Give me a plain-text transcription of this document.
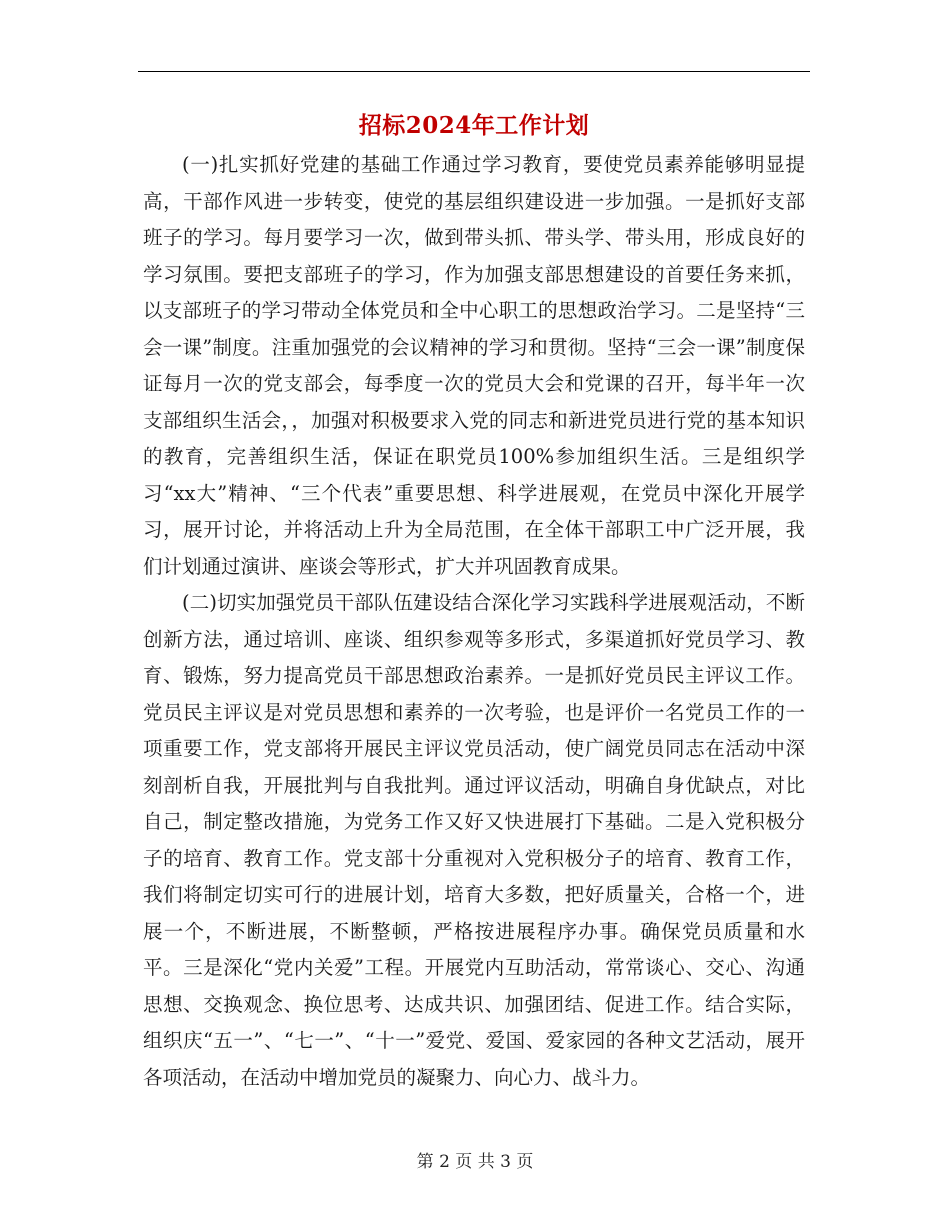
招标2024年工作计划

(一)扎实抓好党建的基础工作通过学习教育，要使党员素养能够明显提高，干部作风进一步转变，使党的基层组织建设进一步加强。一是抓好支部班子的学习。每月要学习一次，做到带头抓、带头学、带头用，形成良好的学习氛围。要把支部班子的学习，作为加强支部思想建设的首要任务来抓，以支部班子的学习带动全体党员和全中心职工的思想政治学习。二是坚持“三会一课”制度。注重加强党的会议精神的学习和贯彻。坚持“三会一课”制度保证每月一次的党支部会，每季度一次的党员大会和党课的召开，每半年一次支部组织生活会，，加强对积极要求入党的同志和新进党员进行党的基本知识的教育，完善组织生活，保证在职党员100%参加组织生活。三是组织学习“xx大”精神、“三个代表”重要思想、科学进展观，在党员中深化开展学习，展开讨论，并将活动上升为全局范围，在全体干部职工中广泛开展，我们计划通过演讲、座谈会等形式，扩大并巩固教育成果。

(二)切实加强党员干部队伍建设结合深化学习实践科学进展观活动，不断创新方法，通过培训、座谈、组织参观等多形式，多渠道抓好党员学习、教育、锻炼，努力提高党员干部思想政治素养。一是抓好党员民主评议工作。党员民主评议是对党员思想和素养的一次考验，也是评价一名党员工作的一项重要工作，党支部将开展民主评议党员活动，使广阔党员同志在活动中深刻剖析自我，开展批判与自我批判。通过评议活动，明确自身优缺点，对比自己，制定整改措施，为党务工作又好又快进展打下基础。二是入党积极分子的培育、教育工作。党支部十分重视对入党积极分子的培育、教育工作，我们将制定切实可行的进展计划，培育大多数，把好质量关，合格一个，进展一个，不断进展，不断整顿，严格按进展程序办事。确保党员质量和水平。三是深化“党内关爱”工程。开展党内互助活动，常常谈心、交心、沟通思想、交换观念、换位思考、达成共识、加强团结、促进工作。结合实际，组织庆“五一”、“七一”、“十一”爱党、爱国、爱家园的各种文艺活动，展开各项活动，在活动中增加党员的凝聚力、向心力、战斗力。

第 2 页 共 3 页
